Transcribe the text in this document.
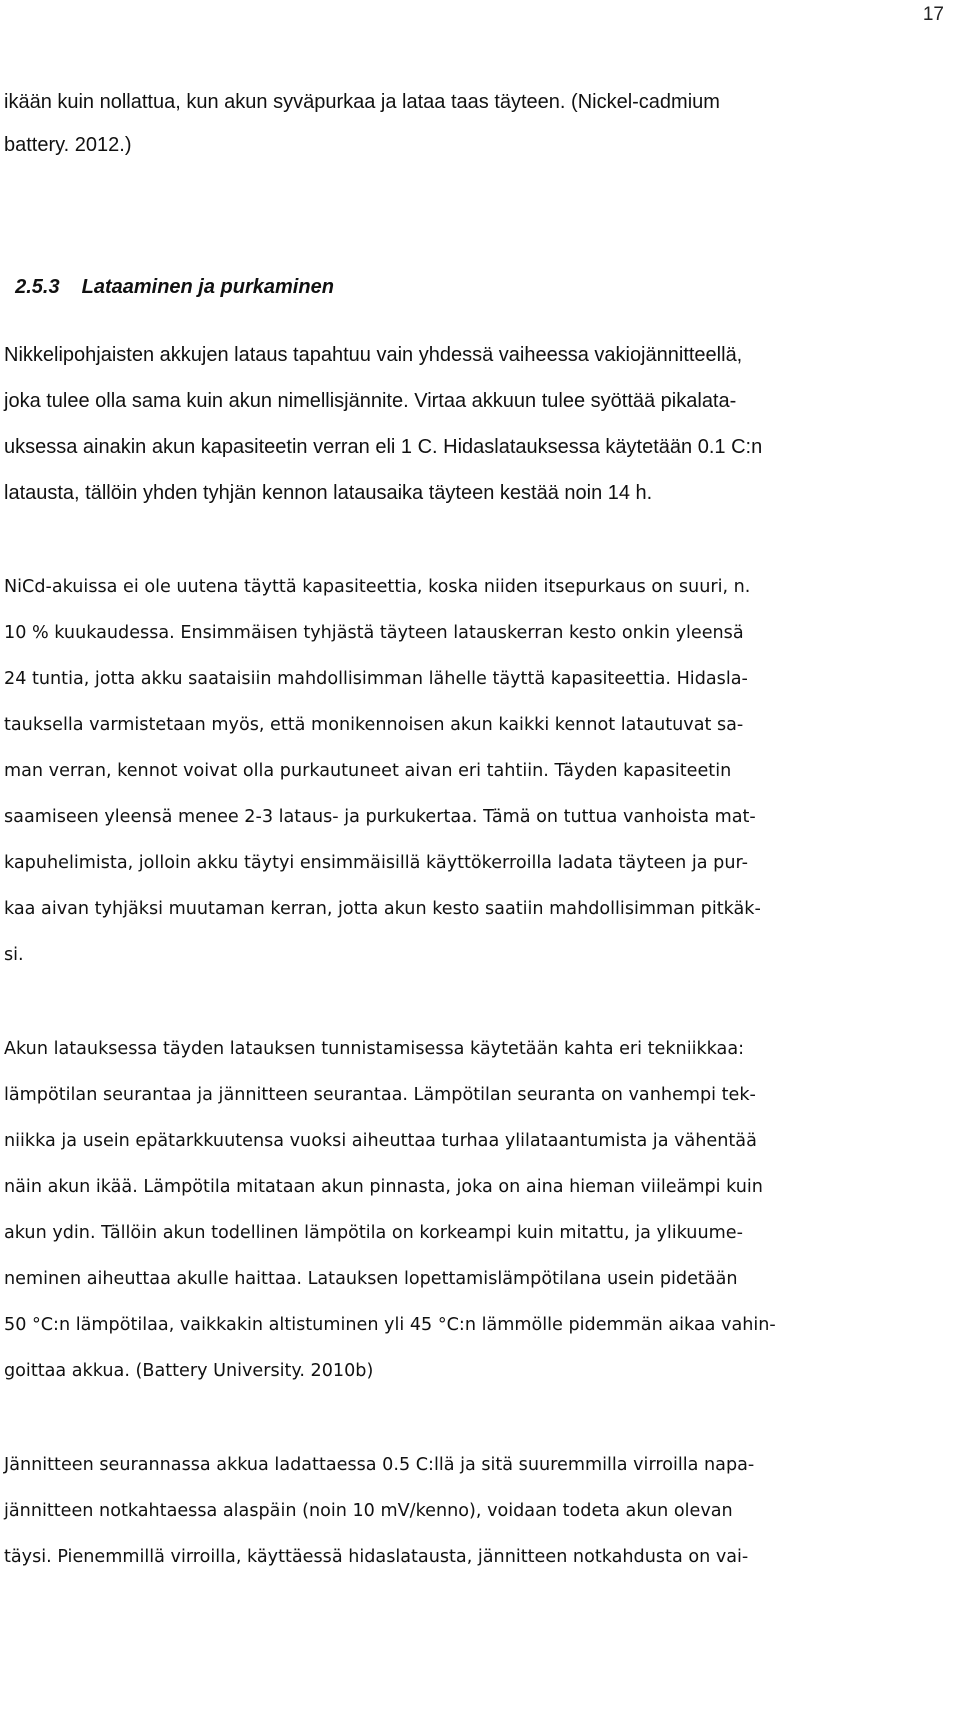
17
ikään kuin nollattua, kun akun syväpurkaa ja lataa taas täyteen. (Nickel-cadmium
battery. 2012.)

2.5.3 Lataaminen ja purkaminen

Nikkelipohjaisten akkujen lataus tapahtuu vain yhdessä vaiheessa vakiojännitteellä,
joka tulee olla sama kuin akun nimellisjännite. Virtaa akkuun tulee syöttää pikalata-
uksessa ainakin akun kapasiteetin verran eli 1 C. Hidaslatauksessa käytetään 0.1 C:n
latausta, tällöin yhden tyhjän kennon latausaika täyteen kestää noin 14 h.
NiCd-akuissa ei ole uutena täyttä kapasiteettia, koska niiden itsepurkaus on suuri, n.
10 % kuukaudessa. Ensimmäisen tyhjästä täyteen latauskerran kesto onkin yleensä
24 tuntia, jotta akku saataisiin mahdollisimman lähelle täyttä kapasiteettia. Hidasla-
tauksella varmistetaan myös, että monikennoisen akun kaikki kennot latautuvat sa-
man verran, kennot voivat olla purkautuneet aivan eri tahtiin. Täyden kapasiteetin
saamiseen yleensä menee 2-3 lataus- ja purkukertaa. Tämä on tuttua vanhoista mat-
kapuhelimista, jolloin akku täytyi ensimmäisillä käyttökerroilla ladata täyteen ja pur-
kaa aivan tyhjäksi muutaman kerran, jotta akun kesto saatiin mahdollisimman pitkäk-
si.
Akun latauksessa täyden latauksen tunnistamisessa käytetään kahta eri tekniikkaa:
lämpötilan seurantaa ja jännitteen seurantaa. Lämpötilan seuranta on vanhempi tek-
niikka ja usein epätarkkuutensa vuoksi aiheuttaa turhaa ylilataantumista ja vähentää
näin akun ikää. Lämpötila mitataan akun pinnasta, joka on aina hieman viileämpi kuin
akun ydin. Tällöin akun todellinen lämpötila on korkeampi kuin mitattu, ja ylikuume-
neminen aiheuttaa akulle haittaa. Latauksen lopettamislämpötilana usein pidetään
50 °C:n lämpötilaa, vaikkakin altistuminen yli 45 °C:n lämmölle pidemmän aikaa vahin-
goittaa akkua. (Battery University. 2010b)
Jännitteen seurannassa akkua ladattaessa 0.5 C:llä ja sitä suuremmilla virroilla napa-
jännitteen notkahtaessa alaspäin (noin 10 mV/kenno), voidaan todeta akun olevan
täysi. Pienemmillä virroilla, käyttäessä hidaslatausta, jännitteen notkahdusta on vai-
